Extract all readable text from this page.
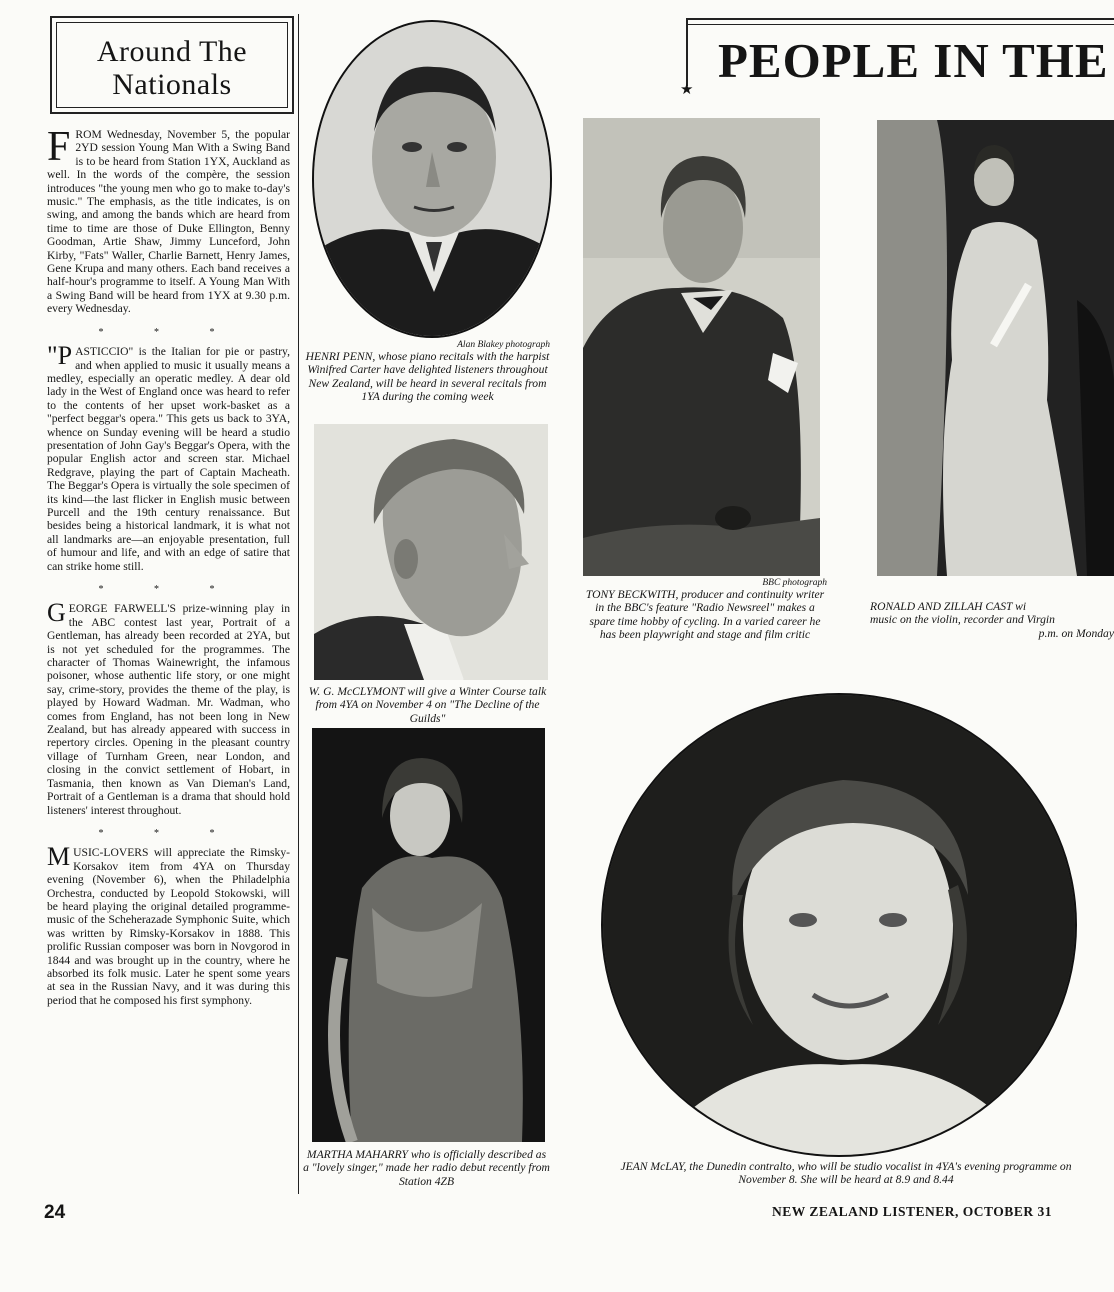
Around The
Nationals

FROM Wednesday, November 5, the popular 2YD session Young Man With a Swing Band is to be heard from Station 1YX, Auckland as well. In the words of the compère, the session introduces "the young men who go to make to-day's music." The emphasis, as the title indicates, is on swing, and among the bands which are heard from time to time are those of Duke Ellington, Benny Goodman, Artie Shaw, Jimmy Lunceford, John Kirby, "Fats" Waller, Charlie Barnett, Henry James, Gene Krupa and many others. Each band receives a half-hour's programme to itself. A Young Man With a Swing Band will be heard from 1YX at 9.30 p.m. every Wednesday.

* * *

"PASTICCIO" is the Italian for pie or pastry, and when applied to music it usually means a medley, especially an operatic medley. A dear old lady in the West of England once was heard to refer to the contents of her upset work-basket as a "perfect beggar's opera." This gets us back to 3YA, whence on Sunday evening will be heard a studio presentation of John Gay's Beggar's Opera, with the popular English actor and screen star. Michael Redgrave, playing the part of Captain Macheath. The Beggar's Opera is virtually the sole specimen of its kind—the last flicker in English music between Purcell and the 19th century renaissance. But besides being a historical landmark, it is what not all landmarks are—an enjoyable presentation, full of humour and life, and with an edge of satire that can strike home still.

* * *

GEORGE FARWELL'S prize-winning play in the ABC contest last year, Portrait of a Gentleman, has already been recorded at 2YA, but is not yet scheduled for the programmes. The character of Thomas Wainewright, the infamous poisoner, whose authentic life story, or one might say, crime-story, provides the theme of the play, is played by Howard Wadman. Mr. Wadman, who comes from England, has not been long in New Zealand, but has already appeared with success in repertory circles. Opening in the pleasant country village of Turnham Green, near London, and closing in the convict settlement of Hobart, in Tasmania, then known as Van Dieman's Land, Portrait of a Gentleman is a drama that should hold listeners' interest throughout.

* * *

MUSIC-LOVERS will appreciate the Rimsky-Korsakov item from 4YA on Thursday evening (November 6), when the Philadelphia Orchestra, conducted by Leopold Stokowski, will be heard playing the original detailed programme-music of the Scheherazade Symphonic Suite, which was written by Rimsky-Korsakov in 1888. This prolific Russian composer was born in Novgorod in 1844 and was brought up in the country, where he absorbed its folk music. Later he spent some years at sea in the Russian Navy, and it was during this period that he composed his first symphony.

Alan Blakey photograph
HENRI PENN, whose piano recitals with the harpist Winifred Carter have delighted listeners throughout New Zealand, will be heard in several recitals from 1YA during the coming week
W. G. McCLYMONT will give a Winter Course talk from 4YA on November 4 on "The Decline of the Guilds"
MARTHA MAHARRY who is officially described as a "lovely singer," made her radio debut recently from Station 4ZB
★
PEOPLE IN THE
BBC photograph
TONY BECKWITH, producer and continuity writer in the BBC's feature "Radio Newsreel" makes a spare time hobby of cycling. In a varied career he has been playwright and stage and film critic
RONALD AND ZILLAH CAST wi
music on the violin, recorder and Virgin
p.m. on Monday
JEAN McLAY, the Dunedin contralto, who will be studio vocalist in 4YA's evening programme on November 8. She will be heard at 8.9 and 8.44
24	NEW ZEALAND LISTENER, OCTOBER 31
